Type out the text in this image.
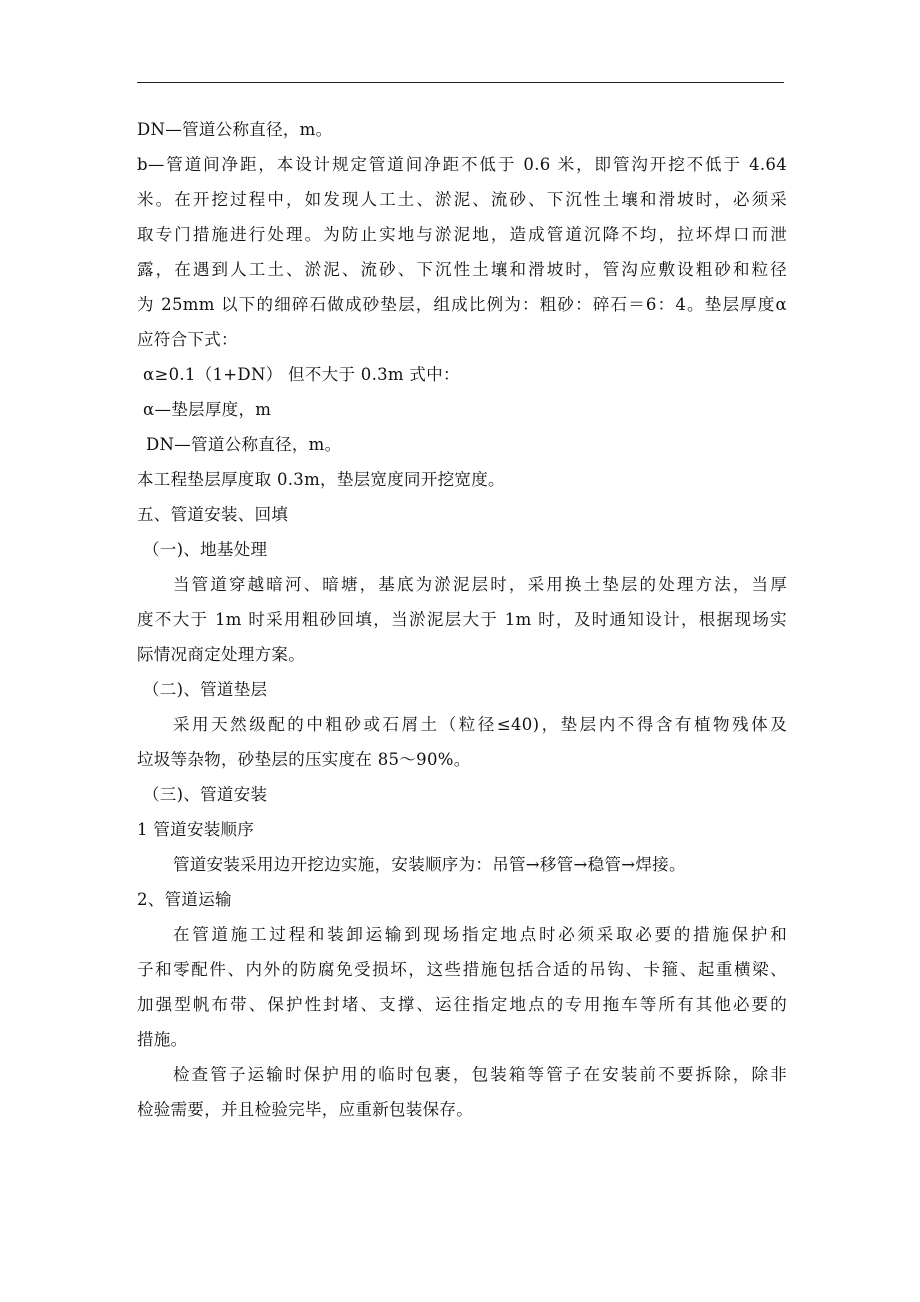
DN—管道公称直径，m。
b—管道间净距，本设计规定管道间净距不低于 0.6 米，即管沟开挖不低于 4.64
米。在开挖过程中，如发现人工土、淤泥、流砂、下沉性土壤和滑坡时，必须采
取专门措施进行处理。为防止实地与淤泥地，造成管道沉降不均，拉坏焊口而泄
露，在遇到人工土、淤泥、流砂、下沉性土壤和滑坡时，管沟应敷设粗砂和粒径
为 25mm 以下的细碎石做成砂垫层，组成比例为：粗砂：碎石＝6：4。垫层厚度α
应符合下式：
α≥0.1（1+DN） 但不大于 0.3m 式中：
α—垫层厚度，m
DN—管道公称直径，m。
本工程垫层厚度取 0.3m，垫层宽度同开挖宽度。
五、管道安装、回填
（一)、地基处理
当管道穿越暗河、暗塘，基底为淤泥层时，采用换土垫层的处理方法，当厚
度不大于 1m 时采用粗砂回填，当淤泥层大于 1m 时，及时通知设计，根据现场实
际情况商定处理方案。
（二)、管道垫层
采用天然级配的中粗砂或石屑土（粒径≤40)，垫层内不得含有植物残体及
垃圾等杂物，砂垫层的压实度在 85～90%。
（三)、管道安装
1 管道安装顺序
管道安装采用边开挖边实施，安装顺序为：吊管→移管→稳管→焊接。
2、管道运输
在管道施工过程和装卸运输到现场指定地点时必须采取必要的措施保护和
子和零配件、内外的防腐免受损坏，这些措施包括合适的吊钩、卡箍、起重横梁、
加强型帆布带、保护性封堵、支撑、运往指定地点的专用拖车等所有其他必要的
措施。
检查管子运输时保护用的临时包裹，包装箱等管子在安装前不要拆除，除非
检验需要，并且检验完毕，应重新包装保存。
